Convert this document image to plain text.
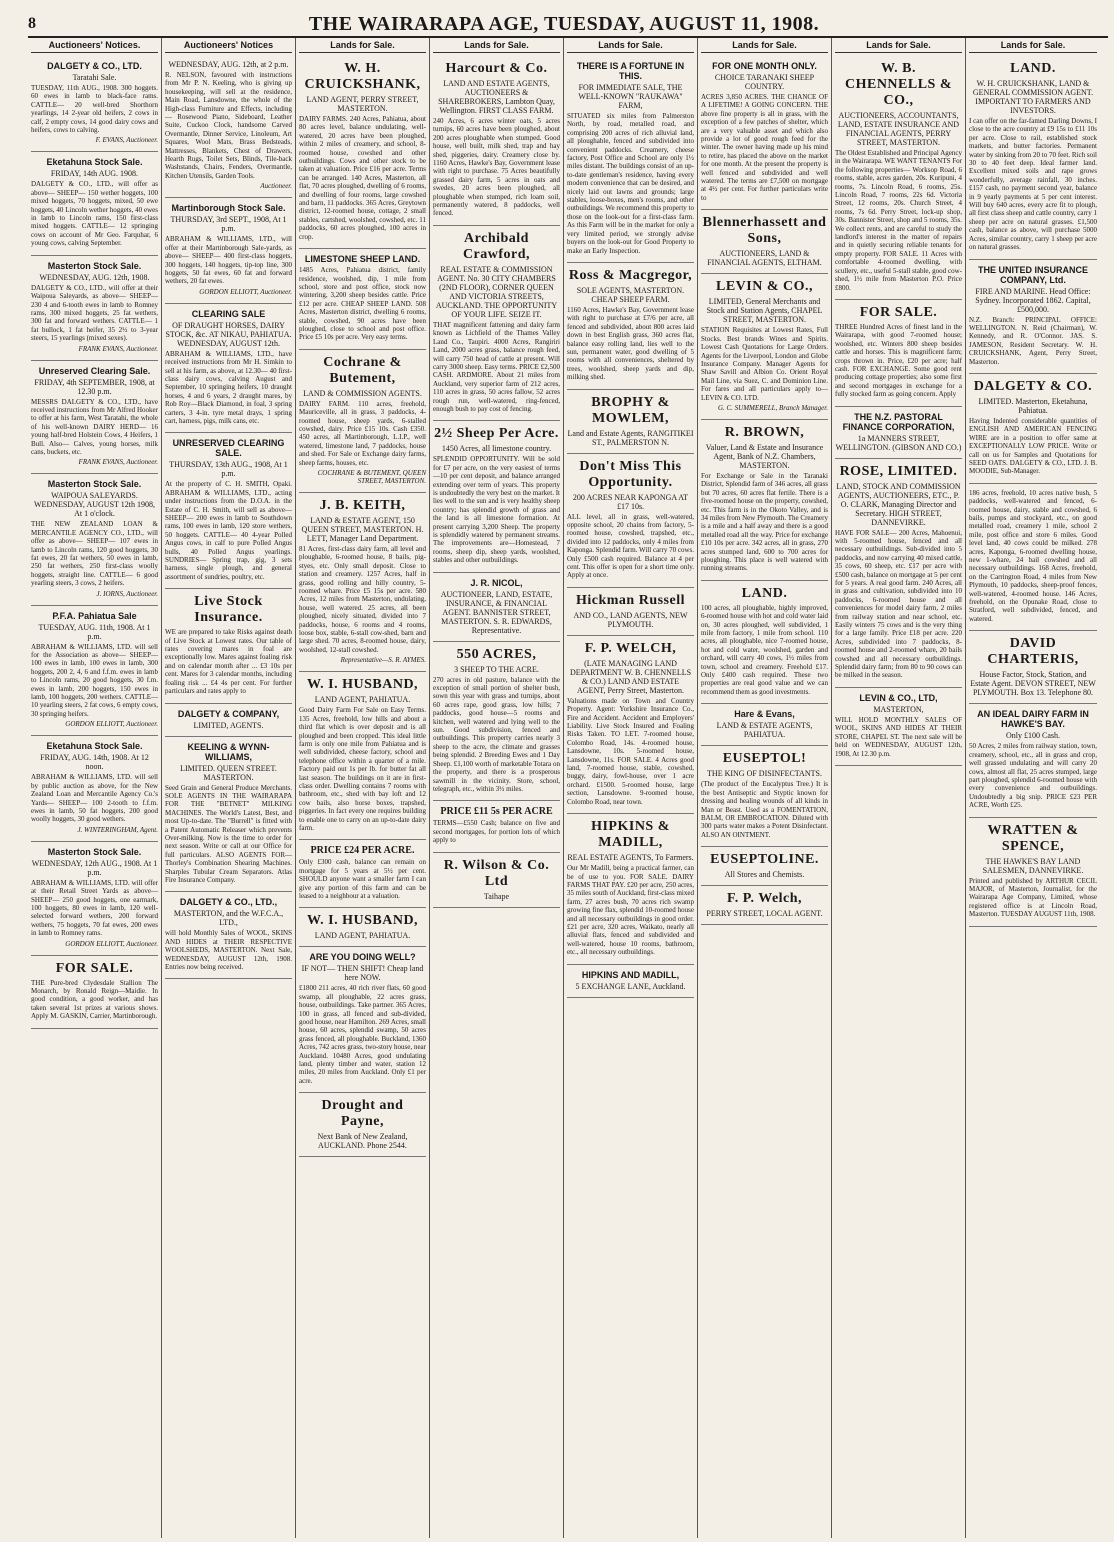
8	THE WAIRARAPA AGE, TUESDAY, AUGUST 11, 1908.
Auctioneers' Notices.
DALGETY & CO., LTD.
Taratahi Sale.

TUESDAY, 11th AUG., 1908. 300 hoggets. 60 ewes in lamb to black-face rams. CATTLE— 20 well-bred Shorthorn yearlings, 14 2-year old heifers, 2 cows in calf, 2 empty cows, 14 good dairy cows and heifers, cows to calving.

F. EVANS, Auctioneer.
Eketahuna Stock Sale.
FRIDAY, 14th AUG. 1908.

DALGETY & CO., LTD., will offer as above— SHEEP— 150 wether hoggets, 100 mixed hoggets, 70 hoggets, mixed, 50 ewe hoggets, 40 Lincoln wether hoggets, 40 ewes in lamb to Lincoln rams, 150 first-class mixed hoggets. CATTLE— 12 springing cows on account of Mr Geo. Farquhar, 6 young cows, calving September.

Masterton Stock Sale.
WEDNESDAY, AUG. 12th, 1908.

DALGETY & CO., LTD., will offer at their Waipoua Saleyards, as above— SHEEP— 230 4 and 6-tooth ewes in lamb to Romney rams, 300 mixed hoggets, 25 fat wethers, 300 fat and forward wethers. CATTLE— 1 fat bullock, 1 fat heifer, 35 2½ to 3-year steers, 15 yearlings (mixed sexes).

FRANK EVANS, Auctioneer.
Unreserved Clearing Sale.
FRIDAY, 4th SEPTEMBER, 1908, at 12.30 p.m.

MESSRS DALGETY & CO., LTD., have received instructions from Mr Alfred Hooker to offer at his farm, West Taratahi, the whole of his well-known DAIRY HERD— 16 young half-bred Holstein Cows, 4 Heifers, 1 Bull. Also— Calves, young horses, milk cans, buckets, etc.

FRANK EVANS, Auctioneer.
Masterton Stock Sale.
WAIPOUA SALEYARDS. WEDNESDAY, AUGUST 12th 1908, At 1 o'clock.

THE NEW ZEALAND LOAN & MERCANTILE AGENCY CO., LTD., will offer as above— SHEEP— 107 ewes in lamb to Lincoln rams, 120 good hoggets, 30 fat ewes, 20 fat wethers, 50 ewes in lamb, 250 fat wethers, 250 first-class woolly hoggets, straight line. CATTLE— 6 good yearling steers, 3 cows, 2 heifers.

J. IORNS, Auctioneer.
P.F.A. Pahiatua Sale
TUESDAY, AUG. 11th, 1908. At 1 p.m.

ABRAHAM & WILLIAMS, LTD. will sell for the Association as above— SHEEP— 100 ewes in lamb, 100 ewes in lamb, 300 hoggets, 200 2, 4, 6 and f.f.m. ewes in lamb to Lincoln rams, 20 good hoggets, 30 f.m. ewes in lamb, 200 hoggets, 150 ewes in lamb, 100 hoggets, 200 wethers. CATTLE— 10 yearling steers, 2 fat cows, 6 empty cows, 30 springing heifers.

GORDON ELLIOTT, Auctioneer.
Eketahuna Stock Sale.
FRIDAY, AUG. 14th, 1908. At 12 noon.

ABRAHAM & WILLIAMS, LTD. will sell by public auction as above, for the New Zealand Loan and Mercantile Agency Co.'s Yards— SHEEP— 100 2-tooth to f.f.m. ewes in lamb, 50 fat hoggets, 200 good woolly hoggets, 30 good wethers.

J. WINTERINGHAM, Agent.
Masterton Stock Sale.
WEDNESDAY, 12th AUG., 1908. At 1 p.m.

ABRAHAM & WILLIAMS, LTD. will offer at their Retail Street Yards as above— SHEEP— 250 good hoggets, one earmark, 100 hoggets, 80 ewes in lamb, 120 well-selected forward wethers, 200 forward wethers, 75 hoggets, 70 fat ewes, 200 ewes in lamb to Romney rams.

GORDON ELLIOTT, Auctioneer.
FOR SALE.

THE Pure-bred Clydesdale Stallion The Monarch, by Ronald Reign—Maidie. In good condition, a good worker, and has taken several 1st prizes at various shows. Apply M. GASKIN, Carrier, Martinborough.

Auctioneers' Notices
WEDNESDAY, AUG. 12th, at 2 p.m.

R. NELSON, favoured with instructions from Mr P. N. Keeling, who is giving up housekeeping, will sell at the residence, Main Road, Lansdowne, the whole of the High-class Furniture and Effects, including— Rosewood Piano, Sideboard, Leather Suite, Cuckoo Clock, handsome Carved Overmantle, Dinner Service, Linoleum, Art Squares, Wool Mats, Brass Bedsteads, Mattresses, Blankets, Chest of Drawers, Hearth Rugs, Toilet Sets, Blinds, Tile-back Washstands, Chairs, Fenders, Overmantle, Kitchen Utensils, Garden Tools.

Auctioneer.
Martinborough Stock Sale.
THURSDAY, 3rd SEPT., 1908, At 1 p.m.

ABRAHAM & WILLIAMS, LTD., will offer at their Martinborough Sale-yards, as above— SHEEP— 400 first-class hoggets, 300 hoggets, 140 hoggets, tip-top line, 300 hoggets, 50 fat ewes, 60 fat and forward wethers, 20 fat ewes.

GORDON ELLIOTT, Auctioneer.
CLEARING SALE
OF DRAUGHT HORSES, DAIRY STOCK, &c. AT NIKAU, PAHIATUA. WEDNESDAY, AUGUST 12th.

ABRAHAM & WILLIAMS, LTD., have received instructions from Mr H. Simkin to sell at his farm, as above, at 12.30— 40 first-class dairy cows, calving August and September, 10 springing heifers, 10 draught horses, 4 and 6 years, 2 draught mares, by Rob Roy—Black Diamond, in foal, 3 spring carters, 3 4-in. tyre metal drays, 1 spring cart, harness, pigs, milk cans, etc.

UNRESERVED CLEARING SALE.
THURSDAY, 13th AUG., 1908, At 1 p.m.

At the property of C. H. SMITH, Opaki. ABRAHAM & WILLIAMS, LTD., acting under instructions from the D.O.A. in the Estate of C. H. Smith, will sell as above— SHEEP— 200 ewes in lamb to Southdown rams, 100 ewes in lamb, 120 store wethers, 50 hoggets. CATTLE— 40 4-year Polled Angus cows, in calf to pure Polled Angus bulls, 40 Polled Angus yearlings. SUNDRIES— Spring trap, gig, 3 sets harness, single plough, and general assortment of sundries, poultry, etc.

Live Stock Insurance.

WE are prepared to take Risks against death of Live Stock at Lowest rates. Our table of rates covering mares in foal are exceptionally low. Mares against foaling risk and on calendar month after ... £3 10s per cent. Mares for 3 calendar months, including foaling risk ... £4 4s per cent. For further particulars and rates apply to

DALGETY & COMPANY,
LIMITED, AGENTS.
KEELING & WYNN-WILLIAMS,
LIMITED. QUEEN STREET. MASTERTON.

Seed Grain and General Produce Merchants. SOLE AGENTS IN THE WAIRARAPA FOR THE "BETNET" MILKING MACHINES. The World's Latest, Best, and most Up-to-date. The "Burrell" is fitted with a Patent Automatic Releaser which prevents Over-milking. Now is the time to order for next season. Write or call at our Office for full particulars. ALSO AGENTS FOR— Thorley's Combination Shearing Machines. Sharples Tubular Cream Separators. Atlas Fire Insurance Company.

DALGETY & CO., LTD.,
MASTERTON, and the W.F.C.A., LTD.,

will hold Monthly Sales of WOOL, SKINS AND HIDES at THEIR RESPECTIVE WOOLSHEDS, MASTERTON. Next Sale, WEDNESDAY, AUGUST 12th, 1908. Entries now being received.

Lands for Sale.
W. H. CRUICKSHANK,
LAND AGENT, PERRY STREET, MASTERTON.

DAIRY FARMS. 240 Acres, Pahiatua, about 80 acres level, balance undulating, well-watered, 20 acres have been ploughed, within 2 miles of creamery, and school, 8-roomed house, cowshed and other outbuildings. Cows and other stock to be taken at valuation. Price £16 per acre. Terms can be arranged. 140 Acres, Masterton, all flat, 70 acres ploughed, dwelling of 6 rooms, and dwelling of four rooms, large cowshed and barn, 11 paddocks. 365 Acres, Greytown district, 12-roomed house, cottage, 2 small stables, cartshed, woolshed, cowshed, etc. 11 paddocks, 60 acres ploughed, 100 acres in crop.

LIMESTONE SHEEP LAND.

1485 Acres, Pahiatua district, family residence, woolshed, dip, 1 mile from school, store and post office, stock now wintering, 3,200 sheep besides cattle. Price £12 per acre. CHEAP SHEEP LAND. 508 Acres, Masterton district, dwelling 6 rooms, stable, cowshed, 90 acres have been ploughed, close to school and post office. Price £5 10s per acre. Very easy terms.

Cochrane & Butement,
LAND & COMMISSION AGENTS.

DAIRY FARM. 110 acres, freehold, Mauriceville, all in grass, 3 paddocks, 4-roomed house, sheep yards, 6-stalled cowshed, dairy. Price £15 10s. Cash £350. 450 acres, all Martinborough, L.I.P., well watered, limestone land, 7 paddocks, house and shed. For Sale or Exchange dairy farms, sheep farms, houses, etc.

COCHRANE & BUTEMENT, QUEEN STREET, MASTERTON.
J. B. KEITH,
LAND & ESTATE AGENT, 150 QUEEN STREET, MASTERTON. H. LETT, Manager Land Department.

81 Acres, first-class dairy farm, all level and ploughable, 6-roomed house, 8 bails, pig-styes, etc. Only small deposit. Close to station and creamery. 1257 Acres, half in grass, good rolling and hilly country, 5-roomed whare. Price £5 15s per acre. 580 Acres, 12 miles from Masterton, undulating, house, well watered. 25 acres, all been ploughed, nicely situated, divided into 7 paddocks, house, 6 rooms and 4 rooms, loose box, stable, 6-stall cow-shed, barn and large shed. 70 acres, 8-roomed house, dairy, woolshed, 12-stall cowshed.

Representative—S. R. AYMES.
W. I. HUSBAND,
LAND AGENT, PAHIATUA.

Good Dairy Farm For Sale on Easy Terms. 135 Acres, freehold, low hills and about a third flat which is over deposit and is all ploughed and been cropped. This ideal little farm is only one mile from Pahiatua and is well subdivided, cheese factory, school and telephone office within a quarter of a mile. Factory paid out 1s per lb. for butter fat all last season. The buildings on it are in first-class order. Dwelling contains 7 rooms with bathroom, etc., shed with bay loft and 12 cow bails, also horse boxes, trapshed, piggeries. In fact every one requires building to enable one to carry on an up-to-date dairy farm.

PRICE £24 PER ACRE.

Only £300 cash, balance can remain on mortgage for 5 years at 5½ per cent. SHOULD anyone want a smaller farm I can give any portion of this farm and can be leased to a neighbour at a valuation.

W. I. HUSBAND,
LAND AGENT, PAHIATUA.
ARE YOU DOING WELL?
IF NOT— THEN SHIFT! Cheap land here NOW.

£1800 211 acres, 40 rich river flats, 60 good swamp, all ploughable, 22 acres grass, house, outbuildings. Take partner. 365 Acres, 100 in grass, all fenced and sub-divided, good house, near Hamilton. 269 Acres, small house, 60 acres, splendid swamp, 50 acres grass fenced, all ploughable. Buckland, 1360 Acres, 742 acres grass, two-story house, near Auckland. 10480 Acres, good undulating land, plenty timber and water, station 12 miles, 20 miles from Auckland. Only £1 per acre.

Drought and Payne,
Next Bank of New Zealand, AUCKLAND. Phone 2544.
Lands for Sale.
Harcourt & Co.
LAND AND ESTATE AGENTS, AUCTIONEERS & SHAREBROKERS, Lambton Quay, Wellington. FIRST CLASS FARM.

240 Acres, 6 acres winter oats, 5 acres turnips, 60 acres have been ploughed, about 200 acres ploughable when stumped. Good house, well built, milk shed, trap and hay shed, piggeries, dairy. Creamery close by. 1160 Acres, Hawke's Bay, Government lease with right to purchase. 75 Acres beautifully grassed dairy farm, 5 acres in oats and swedes, 20 acres been ploughed, all ploughable when stumped, rich loam soil, permanently watered, 8 paddocks, well fenced.

Archibald Crawford,
REAL ESTATE & COMMISSION AGENT. No. 30 CITY CHAMBERS (2ND FLOOR), CORNER QUEEN AND VICTORIA STREETS, AUCKLAND. THE OPPORTUNITY OF YOUR LIFE. SEIZE IT.

THAT magnificent fattening and dairy farm known as Lichfield of the Thames Valley Land Co., Taupiri. 4000 Acres, Rangiriri Land, 2000 acres grass, balance rough feed, will carry 750 head of cattle at present. Will carry 3000 sheep. Easy terms. PRICE £2,500 CASH. ARDMORE. About 21 miles from Auckland, very superior farm of 212 acres, 110 acres in grass, 50 acres fallow, 52 acres rough run, well-watered, ring-fenced, enough bush to pay cost of fencing.

2½ Sheep Per Acre.
1450 Acres, all limestone country.

SPLENDID OPPORTUNITY. Will be sold for £7 per acre, on the very easiest of terms—10 per cent deposit, and balance arranged extending over term of years. This property is undoubtedly the very best on the market. It lies well to the sun and is very healthy sheep country; has splendid growth of grass and the land is all limestone formation. At present carrying 3,200 Sheep. The property is splendidly watered by permanent streams. The improvements are—Homestead, 7 rooms, sheep dip, sheep yards, woolshed, stables and other outbuildings.

J. R. NICOL,
AUCTIONEER, LAND, ESTATE, INSURANCE, & FINANCIAL AGENT. BANNISTER STREET, MASTERTON. S. R. EDWARDS, Representative.
550 ACRES,
3 SHEEP TO THE ACRE.

270 acres in old pasture, balance with the exception of small portion of shelter bush, sown this year with grass and turnips, about 60 acres rape, good grass, low hills; 7 paddocks, good house—5 rooms and kitchen, well watered and lying well to the sun. Good subdivision, fenced and outbuildings. This property carries nearly 3 sheep to the acre, the climate and grasses being splendid. 2 Breeding Ewes and 1 Day Sheep. £1,100 worth of marketable Totara on the property, and there is a prosperous sawmill in the vicinity. Store, school, telegraph, etc., within 3½ miles.

PRICE £11 5s PER ACRE

TERMS—£550 Cash; balance on five and second mortgages, for portion lots of which apply to

R. Wilson & Co. Ltd
Taihape
Lands for Sale.
THERE IS A FORTUNE IN THIS.
FOR IMMEDIATE SALE, THE WELL-KNOWN "RAUKAWA" FARM,

SITUATED six miles from Palmerston North, by road, metalled road, and comprising 200 acres of rich alluvial land, all ploughable, fenced and subdivided into convenient paddocks. Creamery, cheese factory, Post Office and School are only 1½ miles distant. The buildings consist of an up-to-date gentleman's residence, having every modern convenience that can be desired, and nicely laid out lawns and grounds; large stables, loose-boxes, men's rooms, and other outbuildings. We recommend this property to those on the look-out for a first-class farm. As this Farm will be in the market for only a very limited period, we strongly advise buyers on the look-out for Good Property to make an Early Inspection.

Ross & Macgregor,
SOLE AGENTS, MASTERTON. CHEAP SHEEP FARM.

1160 Acres, Hawke's Bay, Government lease with right to purchase at £7/6 per acre, all fenced and subdivided, about 800 acres laid down in best English grass, 360 acres flat, balance easy rolling land, lies well to the sun, permanent water, good dwelling of 5 rooms with all conveniences, sheltered by trees, woolshed, sheep yards and dip, milking shed.

BROPHY & MOWLEM,
Land and Estate Agents, RANGITIKEI ST., PALMERSTON N.
Don't Miss This Opportunity.
200 ACRES NEAR KAPONGA AT £17 10s.

ALL level, all in grass, well-watered, opposite school, 20 chains from factory, 5-roomed house, cowshed, trapshed, etc., divided into 12 paddocks, only 4 miles from Kaponga. Splendid farm. Will carry 70 cows. Only £500 cash required. Balance at 4 per cent. This offer is open for a short time only. Apply at once.

Hickman Russell
AND CO., LAND AGENTS, NEW PLYMOUTH.
F. P. WELCH,
(LATE MANAGING LAND DEPARTMENT W. B. CHENNELLS & CO.) LAND AND ESTATE AGENT, Perry Street, Masterton.

Valuations made on Town and Country Property. Agent: Yorkshire Insurance Co., Fire and Accident. Accident and Employers' Liability. Live Stock Insured and Foaling Risks Taken. TO LET. 7-roomed house, Colombo Road, 14s. 4-roomed house, Lansdowne, 10s. 5-roomed house, Lansdowne, 11s. FOR SALE. 4 Acres good land, 7-roomed house, stable, cowshed, buggy, dairy, fowl-house, over 1 acre orchard. £1500. 5-roomed house, large section, Lansdowne. 9-roomed house, Colombo Road, near town.

HIPKINS & MADILL,
REAL ESTATE AGENTS, To Farmers.

Our Mr Madill, being a practical farmer, can be of use to you. FOR SALE. DAIRY FARMS THAT PAY. £20 per acre, 250 acres, 35 miles south of Auckland, first-class mixed farm, 27 acres bush, 70 acres rich swamp growing fine flax, splendid 10-roomed house and all necessary outbuildings in good order. £21 per acre, 320 acres, Waikato, nearly all alluvial flats, fenced and subdivided and well-watered, house 10 rooms, bathroom, etc., all necessary outbuildings.

HIPKINS AND MADILL,
5 EXCHANGE LANE, Auckland.
Lands for Sale.
FOR ONE MONTH ONLY.
CHOICE TARANAKI SHEEP COUNTRY.

ACRES 3,850 ACRES. THE CHANCE OF A LIFETIME! A GOING CONCERN. THE above fine property is all in grass, with the exception of a few patches of shelter, which are a very valuable asset and which also provide a lot of good rough feed for the winter. The owner having made up his mind to retire, has placed the above on the market for one month. At the present the property is well fenced and subdivided and well watered. The terms are £7,500 on mortgage at 4½ per cent. For further particulars write to

Blennerhassett and Sons,
AUCTIONEERS, LAND & FINANCIAL AGENTS, ELTHAM.
LEVIN & CO.,
LIMITED, General Merchants and Stock and Station Agents, CHAPEL STREET, MASTERTON.

STATION Requisites at Lowest Rates, Full Stocks. Best brands Wines and Spirits. Lowest Cash Quotations for Large Orders. Agents for the Liverpool, London and Globe Insurance Company. Manager Agents for Shaw Savill and Albion Co. Orient Royal Mail Line, via Suez, C. and Dominion Line. For fares and all particulars apply to— LEVIN & CO. LTD.

G. C. SUMMERELL, Branch Manager.
R. BROWN,
Valuer, Land & Estate and Insurance Agent, Bank of N.Z. Chambers, MASTERTON.

For Exchange or Sale in the Taranaki District, Splendid farm of 346 acres, all grass but 70 acres, 60 acres flat fertile. There is a five-roomed house on the property, cowshed, etc. This farm is in the Okoto Valley, and is 34 miles from New Plymouth. The Creamery is a mile and a half away and there is a good metalled road all the way. Price for exchange £10 10s per acre. 342 acres, all in grass, 270 acres stumped land, 600 to 700 acres for ploughing. This place is well watered with running streams.

LAND.

100 acres, all ploughable, highly improved, 6-roomed house with hot and cold water laid on, 30 acres ploughed, well subdivided, 1 mile from factory, 1 mile from school. 110 acres, all ploughable, nice 7-roomed house, hot and cold water, woolshed, garden and orchard, will carry 40 cows, 1½ miles from town, school and creamery. Freehold £17. Only £400 cash required. These two properties are real good value and we can recommend them as good investments.

Hare & Evans,
LAND & ESTATE AGENTS, PAHIATUA.
EUSEPTOL!
THE KING OF DISINFECTANTS.

(The product of the Eucalyptus Tree.) It is the best Antiseptic and Styptic known for dressing and healing wounds of all kinds in Man or Beast. Used as a FOMENTATION, BALM, OR EMBROCATION. Diluted with 300 parts water makes a Potent Disinfectant. ALSO AN OINTMENT.

EUSEPTOLINE.
All Stores and Chemists.
F. P. Welch,
PERRY STREET, LOCAL AGENT.
Lands for Sale.
W. B. CHENNELLS & CO.,
AUCTIONEERS, ACCOUNTANTS, LAND, ESTATE INSURANCE AND FINANCIAL AGENTS, PERRY STREET, MASTERTON.

The Oldest Established and Principal Agency in the Wairarapa. WE WANT TENANTS For the following properties— Worksop Road, 6 rooms, stable, acres garden, 20s. Kuripuni, 4 rooms, 7s. Lincoln Road, 6 rooms, 25s. Lincoln Road, 7 rooms, 22s 6d. Victoria Street, 12 rooms, 20s. Church Street, 4 rooms, 7s 6d. Perry Street, lock-up shop, 30s. Bannister Street, shop and 5 rooms, 35s. We collect rents, and are careful to study the landlord's interest in the matter of repairs and in quietly securing reliable tenants for empty property. FOR SALE. 11 Acres with comfortable 4-roomed dwelling, with scullery, etc., useful 5-stall stable, good cow-shed, 1½ mile from Masterton P.O. Price £800.

FOR SALE.

THREE Hundred Acres of finest land in the Wairarapa, with good 7-roomed house; woolshed, etc. Winters 800 sheep besides cattle and horses. This is magnificent farm; crops thrown in. Price, £20 per acre; half cash. FOR EXCHANGE. Some good rent producing cottage properties; also some first and second mortgages in exchange for a fully stocked farm as going concern. Apply

THE N.Z. PASTORAL FINANCE CORPORATION,
1a MANNERS STREET, WELLINGTON. (GIBSON AND CO.)
ROSE, LIMITED.
LAND, STOCK AND COMMISSION AGENTS, AUCTIONEERS, ETC., P. O. CLARK, Managing Director and Secretary. HIGH STREET, DANNEVIRKE.

HAVE FOR SALE— 200 Acres, Mahoenui, with 5-roomed house, fenced and all necessary outbuildings. Sub-divided into 5 paddocks, and now carrying 40 mixed cattle, 35 cows, 60 sheep, etc. £17 per acre with £500 cash, balance on mortgage at 5 per cent for 5 years. A real good farm. 240 Acres, all in grass and cultivation, subdivided into 10 paddocks, 6-roomed house and all conveniences for model dairy farm, 2 miles from railway station and near school, etc. Easily winters 75 cows and is the very thing for a large family. Price £18 per acre. 220 Acres, subdivided into 7 paddocks, 8-roomed house and 2-roomed whare, 20 bails cowshed and all necessary outbuildings. Splendid dairy farm; from 80 to 90 cows can be milked in the season.

LEVIN & CO., LTD,
MASTERTON,

WILL HOLD MONTHLY SALES OF WOOL, SKINS AND HIDES AT THEIR STORE, CHAPEL ST. The next sale will be held on WEDNESDAY, AUGUST 12th, 1908, At 12.30 p.m.

Lands for Sale.
LAND.
W. H. CRUICKSHANK, LAND & GENERAL COMMISSION AGENT. IMPORTANT TO FARMERS AND INVESTORS.

I can offer on the far-famed Darling Downs, I close to the acre country at £9 15s to £11 10s per acre. Close to rail, established stock markets, and butter factories. Permanent water by sinking from 20 to 70 feet. Rich soil 30 to 40 feet deep. Ideal farmer land. Excellent mixed soils and rape grows wonderfully, average rainfall, 30 inches. £157 cash, no payment second year, balance in 9 yearly payments at 5 per cent interest. Will buy 640 acres, every acre fit to plough, all first class sheep and cattle country, carry 1 sheep per acre on natural grasses. £1,500 cash, balance as above, will purchase 5000 Acres, similar country, carry 1 sheep per acre on natural grasses.

THE UNITED INSURANCE COMPANY, Ltd.
FIRE AND MARINE. Head Office: Sydney. Incorporated 1862. Capital, £500,000.

N.Z. Branch: PRINCIPAL OFFICE: WELLINGTON. N. Reid (Chairman), W. Kennedy, and R. O'Connor. JAS. S. JAMESON, Resident Secretary. W. H. CRUICKSHANK, Agent, Perry Street, Masterton.

DALGETY & CO.
LIMITED. Masterton, Eketahuna, Pahiatua.

Having Indented considerable quantities of ENGLISH AND AMERICAN FENCING WIRE are in a position to offer same at EXCEPTIONALLY LOW PRICE. Write or call on us for Samples and Quotations for SEED OATS. DALGETY & CO., LTD. J. B. MOODIE, Sub-Manager.

186 acres, freehold, 10 acres native bush, 5 paddocks, well-watered and fenced, 6-roomed house, dairy, stable and cowshed, 6 bails, pumps and stockyard, etc., on good metalled road, creamery 1 mile, school 2 mile, post office and store 6 miles. Good level land, 40 cows could be milked. 278 acres, Kaponga, 6-roomed dwelling house, new 1-whare, 24 bail cowshed and all necessary outbuildings. 168 Acres, freehold, on the Carrington Road, 4 miles from New Plymouth, 10 paddocks, sheep-proof fences, well-watered, 4-roomed house. 146 Acres, freehold, on the Opunake Road, close to Stratford, well subdivided, fenced, and watered.

DAVID CHARTERIS,
House Factor, Stock, Station, and Estate Agent. DEVON STREET, NEW PLYMOUTH. Box 13. Telephone 80.
AN IDEAL DAIRY FARM IN HAWKE'S BAY.
Only £100 Cash.

50 Acres, 2 miles from railway station, town, creamery, school, etc., all in grass and crop, well grassed undulating and will carry 20 cows, almost all flat, 25 acres stumped, large part ploughed, splendid 6-roomed house with every convenience and outbuildings. Undoubtedly a big snip. PRICE £23 PER ACRE, Worth £25.

WRATTEN & SPENCE,
THE HAWKE'S BAY LAND SALESMEN, DANNEVIRKE.

Printed and published by ARTHUR CECIL MAJOR, of Masterton, Journalist, for the Wairarapa Age Company, Limited, whose registered office is at Lincoln Road, Masterton. TUESDAY AUGUST 11th, 1908.
